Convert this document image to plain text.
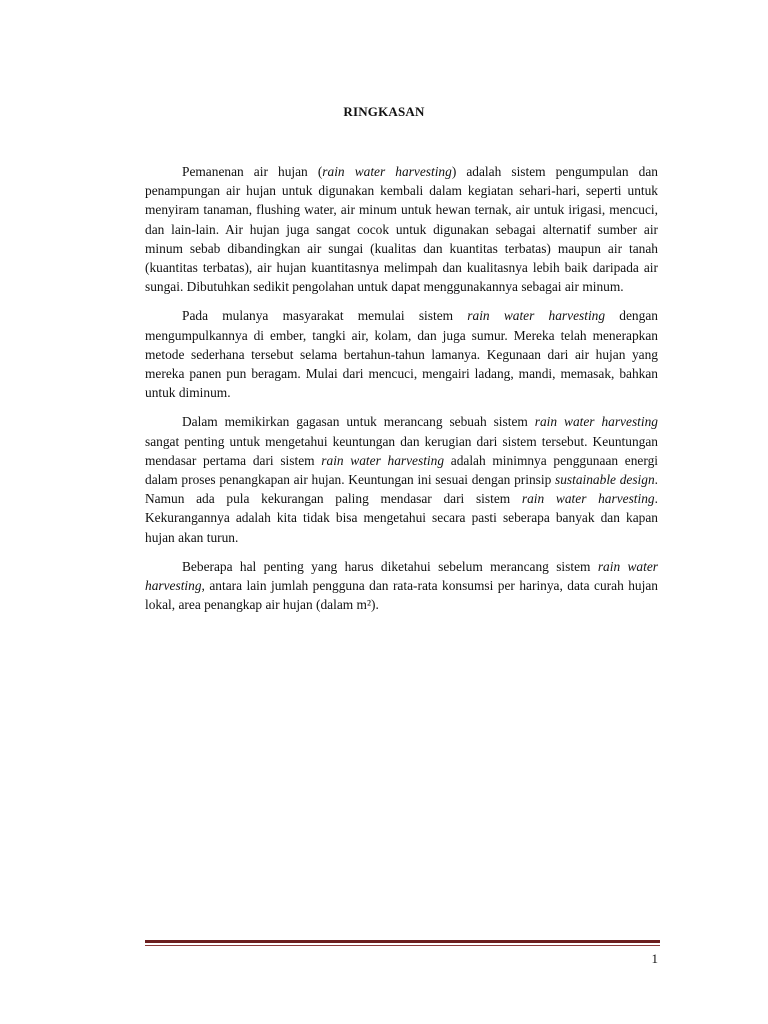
RINGKASAN

Pemanenan air hujan (rain water harvesting) adalah sistem pengumpulan dan penampungan air hujan untuk digunakan kembali dalam kegiatan sehari-hari, seperti untuk menyiram tanaman, flushing water, air minum untuk hewan ternak, air untuk irigasi, mencuci, dan lain-lain. Air hujan juga sangat cocok untuk digunakan sebagai alternatif sumber air minum sebab dibandingkan air sungai (kualitas dan kuantitas terbatas) maupun air tanah (kuantitas terbatas), air hujan kuantitasnya melimpah dan kualitasnya lebih baik daripada air sungai. Dibutuhkan sedikit pengolahan untuk dapat menggunakannya sebagai air minum.

Pada mulanya masyarakat memulai sistem rain water harvesting dengan mengumpulkannya di ember, tangki air, kolam, dan juga sumur. Mereka telah menerapkan metode sederhana tersebut selama bertahun-tahun lamanya. Kegunaan dari air hujan yang mereka panen pun beragam. Mulai dari mencuci, mengairi ladang, mandi, memasak, bahkan untuk diminum.

Dalam memikirkan gagasan untuk merancang sebuah sistem rain water harvesting sangat penting untuk mengetahui keuntungan dan kerugian dari sistem tersebut. Keuntungan mendasar pertama dari sistem rain water harvesting adalah minimnya penggunaan energi dalam proses penangkapan air hujan. Keuntungan ini sesuai dengan prinsip sustainable design. Namun ada pula kekurangan paling mendasar dari sistem rain water harvesting. Kekurangannya adalah kita tidak bisa mengetahui secara pasti seberapa banyak dan kapan hujan akan turun.

Beberapa hal penting yang harus diketahui sebelum merancang sistem rain water harvesting, antara lain jumlah pengguna dan rata-rata konsumsi per harinya, data curah hujan lokal, area penangkap air hujan (dalam m²).

1
